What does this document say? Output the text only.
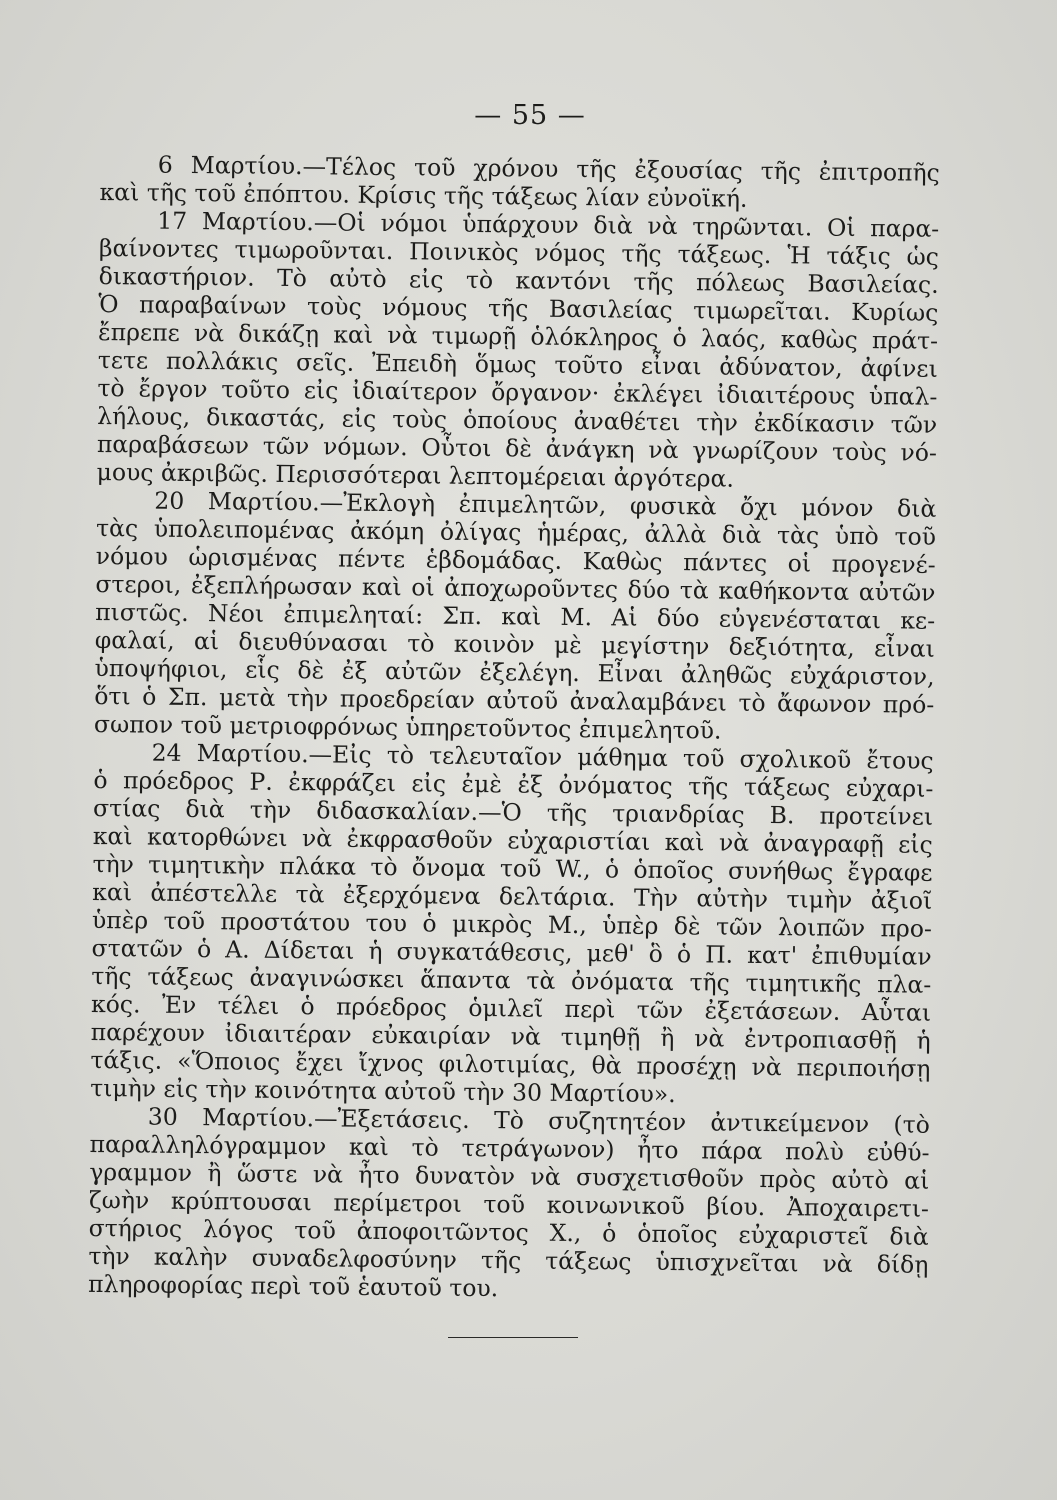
— 55 —
6 Μαρτίου.—Τέλος τοῦ χρόνου τῆς ἐξουσίας τῆς ἐπιτροπῆς
καὶ τῆς τοῦ ἐπόπτου. Κρίσις τῆς τάξεως λίαν εὐνοϊκή.
17 Μαρτίου.—Οἱ νόμοι ὑπάρχουν διὰ νὰ τηρῶνται. Οἱ παρα-
βαίνοντες τιμωροῦνται. Ποινικὸς νόμος τῆς τάξεως. Ἡ τάξις ὡς
δικαστήριον. Τὸ αὐτὸ εἰς τὸ καντόνι τῆς πόλεως Βασιλείας.
Ὁ παραβαίνων τοὺς νόμους τῆς Βασιλείας τιμωρεῖται. Κυρίως
ἔπρεπε νὰ δικάζῃ καὶ νὰ τιμωρῇ ὁλόκληρος ὁ λαός, καθὼς πράτ-
τετε πολλάκις σεῖς. Ἐπειδὴ ὅμως τοῦτο εἶναι ἀδύνατον, ἀφίνει
τὸ ἔργον τοῦτο εἰς ἰδιαίτερον ὄργανον· ἐκλέγει ἰδιαιτέρους ὑπαλ-
λήλους, δικαστάς, εἰς τοὺς ὁποίους ἀναθέτει τὴν ἐκδίκασιν τῶν
παραβάσεων τῶν νόμων. Οὗτοι δὲ ἀνάγκη νὰ γνωρίζουν τοὺς νό-
μους ἀκριβῶς. Περισσότεραι λεπτομέρειαι ἀργότερα.
20 Μαρτίου.—Ἐκλογὴ ἐπιμελητῶν, φυσικὰ ὄχι μόνον διὰ
τὰς ὑπολειπομένας ἀκόμη ὀλίγας ἡμέρας, ἀλλὰ διὰ τὰς ὑπὸ τοῦ
νόμου ὡρισμένας πέντε ἑβδομάδας. Καθὼς πάντες οἱ προγενέ-
στεροι, ἐξεπλήρωσαν καὶ οἱ ἀποχωροῦντες δύο τὰ καθήκοντα αὐτῶν
πιστῶς. Νέοι ἐπιμεληταί: Σπ. καὶ Μ. Αἱ δύο εὐγενέσταται κε-
φαλαί, αἱ διευθύνασαι τὸ κοινὸν μὲ μεγίστην δεξιότητα, εἶναι
ὑποψήφιοι, εἷς δὲ ἐξ αὐτῶν ἐξελέγη. Εἶναι ἀληθῶς εὐχάριστον,
ὅτι ὁ Σπ. μετὰ τὴν προεδρείαν αὐτοῦ ἀναλαμβάνει τὸ ἄφωνον πρό-
σωπον τοῦ μετριοφρόνως ὑπηρετοῦντος ἐπιμελητοῦ.
24 Μαρτίου.—Εἰς τὸ τελευταῖον μάθημα τοῦ σχολικοῦ ἔτους
ὁ πρόεδρος Ρ. ἐκφράζει εἰς ἐμὲ ἐξ ὀνόματος τῆς τάξεως εὐχαρι-
στίας διὰ τὴν διδασκαλίαν.—Ὁ τῆς τριανδρίας Β. προτείνει
καὶ κατορθώνει νὰ ἐκφρασθοῦν εὐχαριστίαι καὶ νὰ ἀναγραφῇ εἰς
τὴν τιμητικὴν πλάκα τὸ ὄνομα τοῦ W., ὁ ὁποῖος συνήθως ἔγραφε
καὶ ἀπέστελλε τὰ ἐξερχόμενα δελτάρια. Τὴν αὐτὴν τιμὴν ἀξιοῖ
ὑπὲρ τοῦ προστάτου του ὁ μικρὸς Μ., ὑπὲρ δὲ τῶν λοιπῶν προ-
στατῶν ὁ Α. Δίδεται ἡ συγκατάθεσις, μεθ' ὃ ὁ Π. κατ' ἐπιθυμίαν
τῆς τάξεως ἀναγινώσκει ἅπαντα τὰ ὀνόματα τῆς τιμητικῆς πλα-
κός. Ἐν τέλει ὁ πρόεδρος ὁμιλεῖ περὶ τῶν ἐξετάσεων. Αὗται
παρέχουν ἰδιαιτέραν εὐκαιρίαν νὰ τιμηθῇ ἢ νὰ ἐντροπιασθῇ ἡ
τάξις. «Ὅποιος ἔχει ἴχνος φιλοτιμίας, θὰ προσέχῃ νὰ περιποιήσῃ
τιμὴν εἰς τὴν κοινότητα αὐτοῦ τὴν 30 Μαρτίου».
30 Μαρτίου.—Ἐξετάσεις. Τὸ συζητητέον ἀντικείμενον (τὸ
παραλληλόγραμμον καὶ τὸ τετράγωνον) ἦτο πάρα πολὺ εὐθύ-
γραμμον ἢ ὥστε νὰ ἦτο δυνατὸν νὰ συσχετισθοῦν πρὸς αὐτὸ αἱ
ζωὴν κρύπτουσαι περίμετροι τοῦ κοινωνικοῦ βίου. Ἀποχαιρετι-
στήριος λόγος τοῦ ἀποφοιτῶντος Χ., ὁ ὁποῖος εὐχαριστεῖ διὰ
τὴν καλὴν συναδελφοσύνην τῆς τάξεως ὑπισχνεῖται νὰ δίδῃ
πληροφορίας περὶ τοῦ ἑαυτοῦ του.
